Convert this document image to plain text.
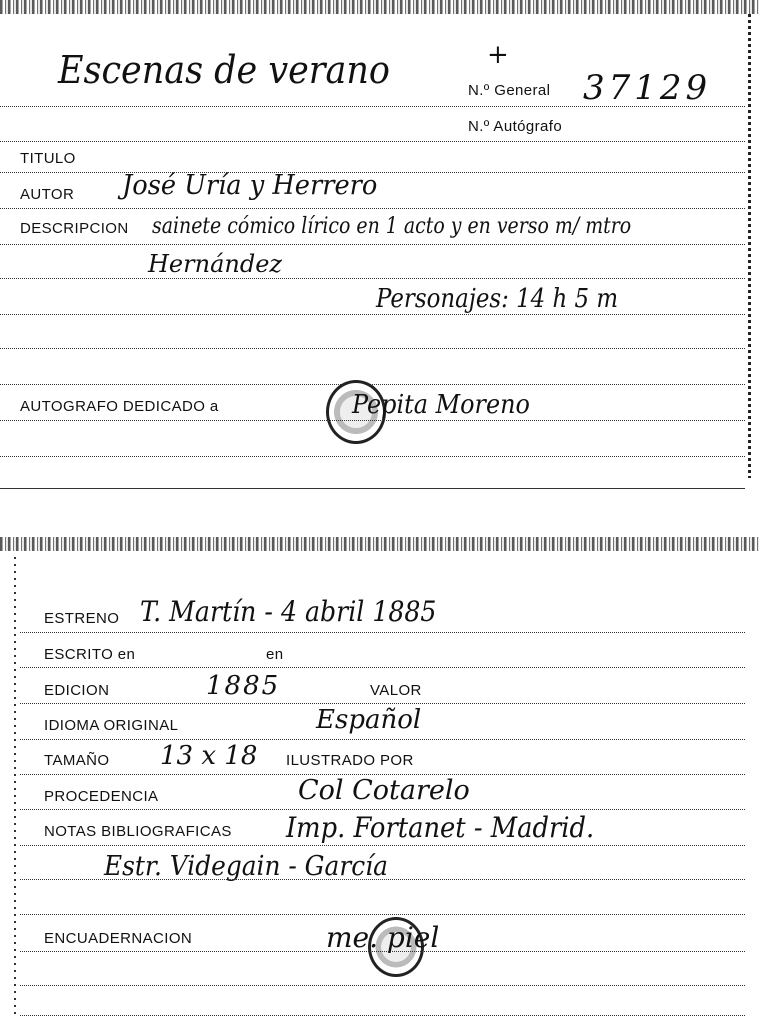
Escenas de verano	+
N.º General 37129
N.º Autógrafo
TITULO
AUTOR José Uría y Herrero
DESCRIPCION sainete cómico lírico en 1 acto y en verso m/ mtro
Hernández
Personajes: 14 h 5 m
AUTOGRAFO DEDICADO a	Pepita Moreno
ESTRENO T. Martín - 4 abril 1885
ESCRITO en	en
EDICION	1885	VALOR
IDIOMA ORIGINAL	Español
TAMAÑO 13 x 18 ILUSTRADO POR
PROCEDENCIA	Col Cotarelo
NOTAS BIBLIOGRAFICAS Imp. Fortanet - Madrid.
Estr. Videgain - García
ENCUADERNACION	me. piel
